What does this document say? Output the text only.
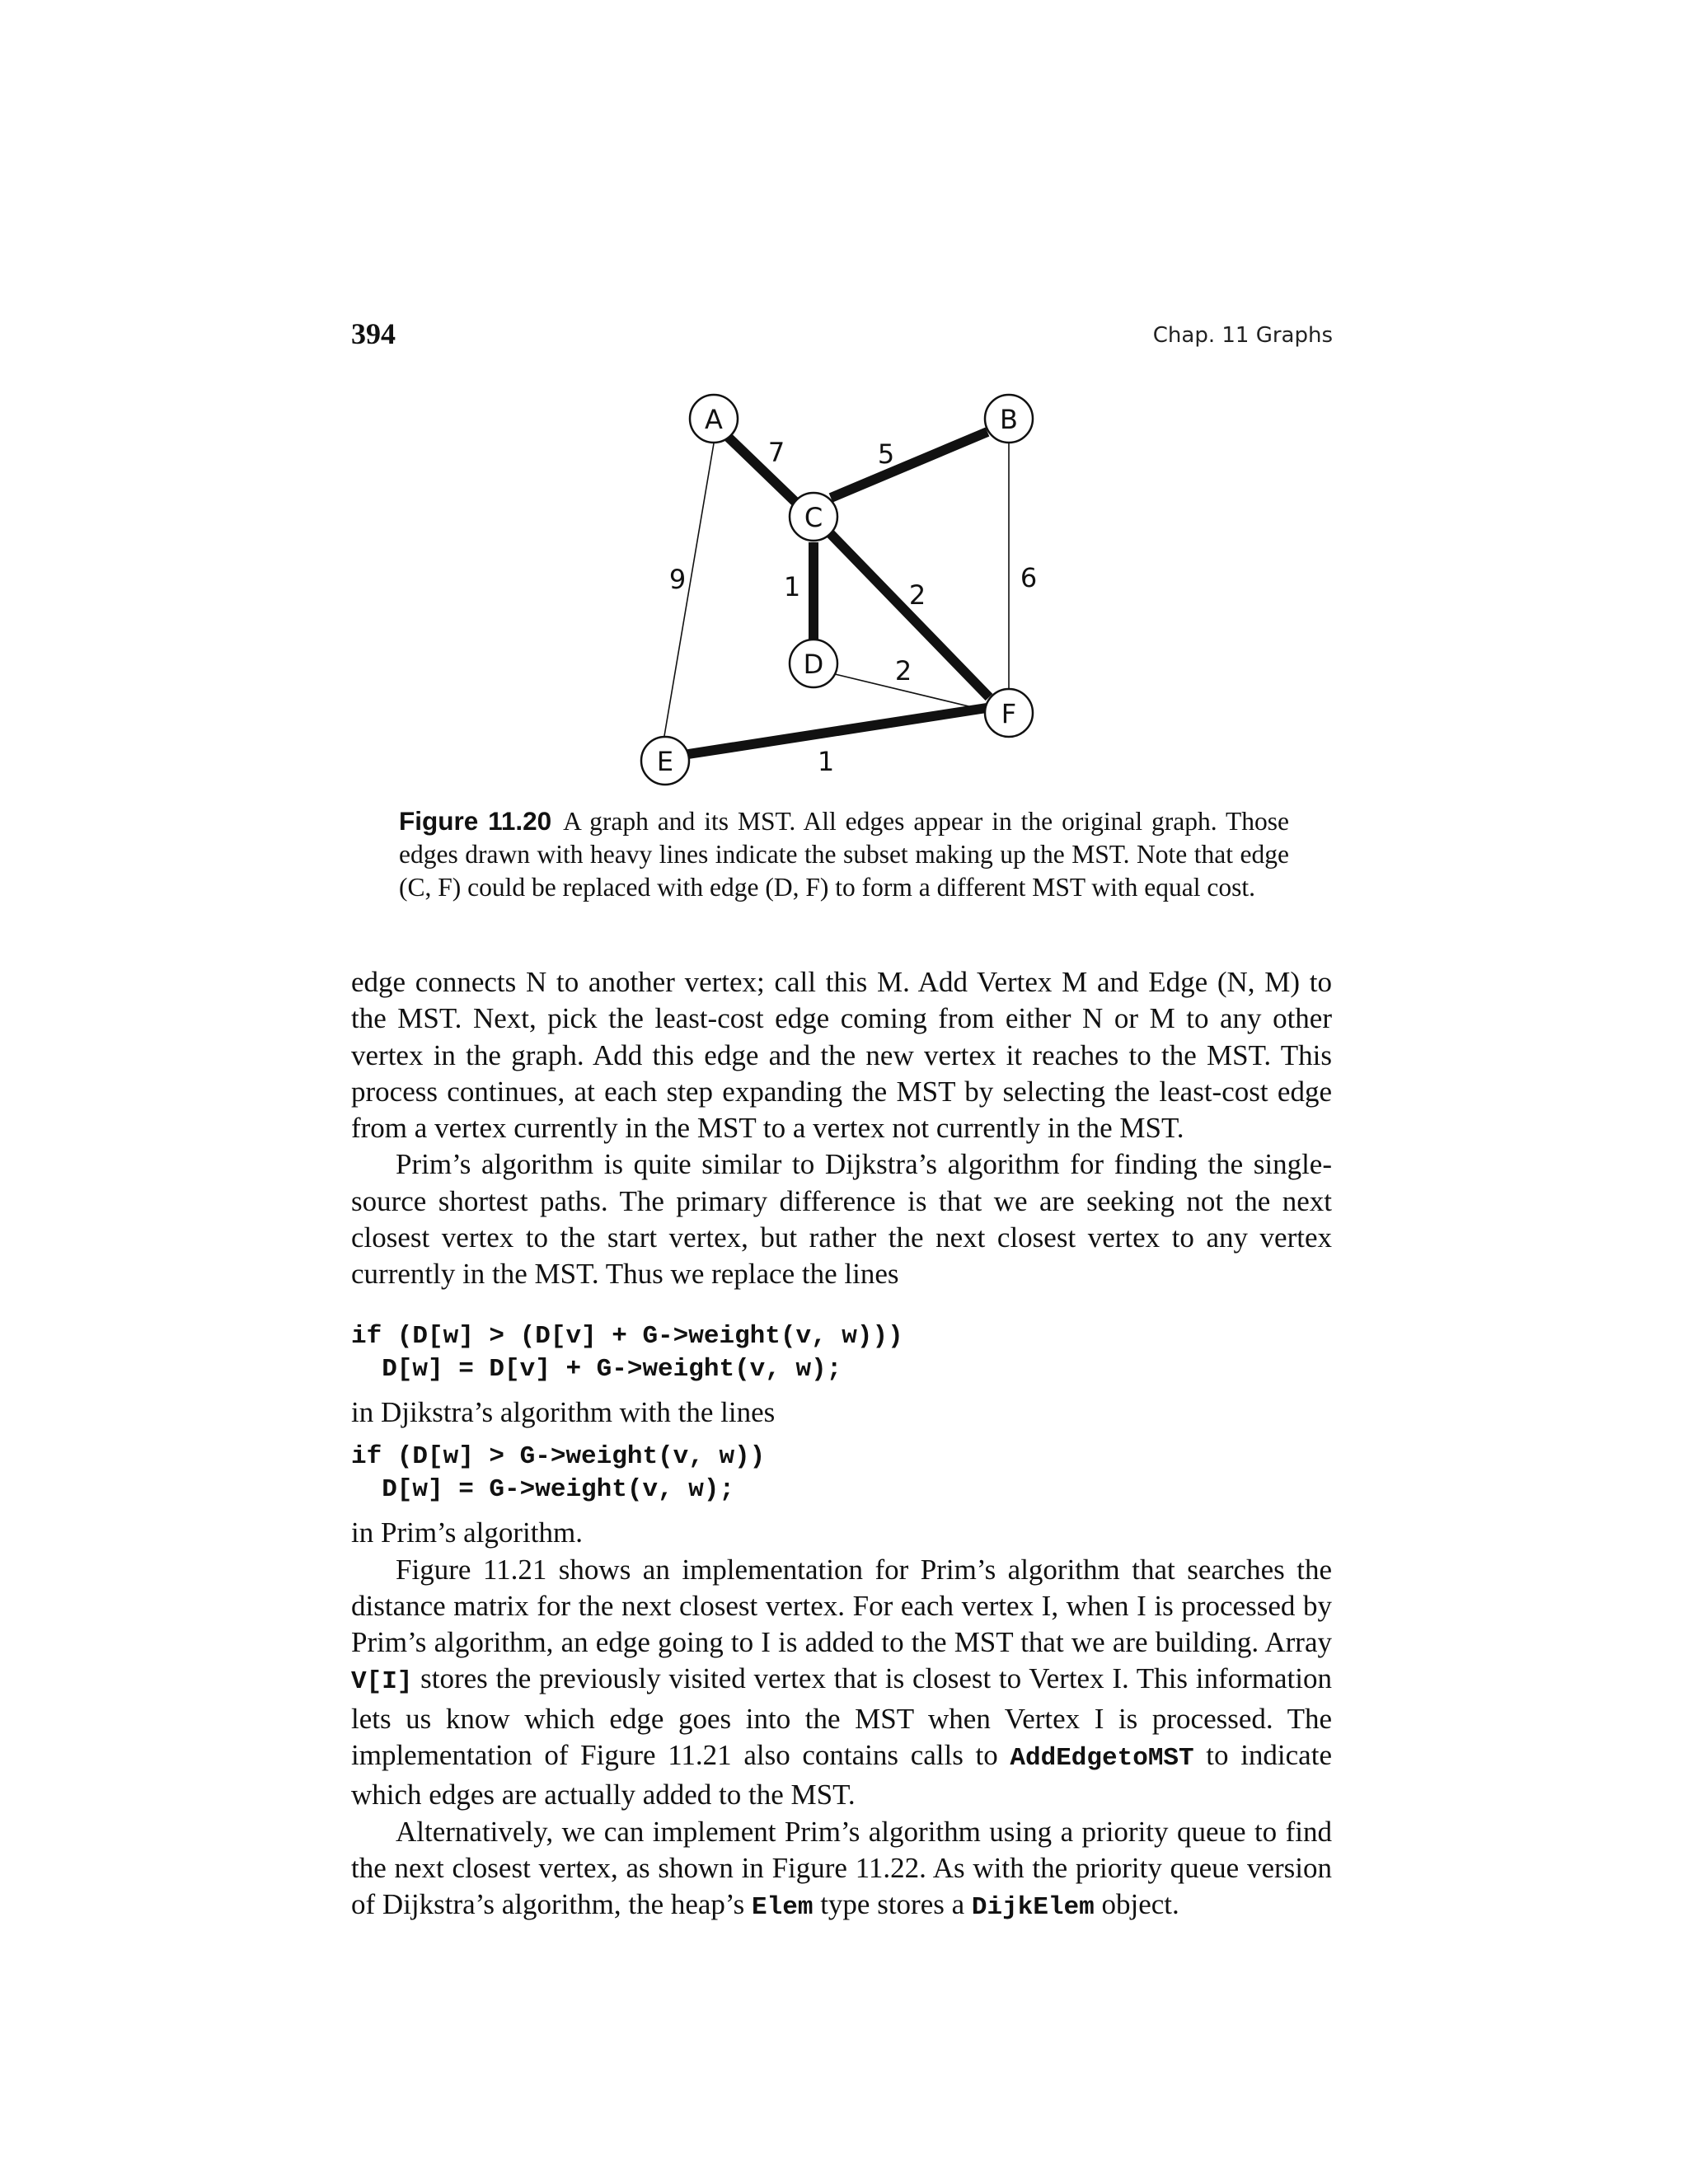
394	Chap. 11 Graphs
A	B
C
D
E
F
7	5
9	1	2
6
2
1
Figure 11.20 A graph and its MST. All edges appear in the original graph. Those edges drawn with heavy lines indicate the subset making up the MST. Note that edge (C, F) could be replaced with edge (D, F) to form a different MST with equal cost.

edge connects N to another vertex; call this M. Add Vertex M and Edge (N, M) to the MST. Next, pick the least-cost edge coming from either N or M to any other vertex in the graph. Add this edge and the new vertex it reaches to the MST. This process continues, at each step expanding the MST by selecting the least-cost edge from a vertex currently in the MST to a vertex not currently in the MST.

Prim’s algorithm is quite similar to Dijkstra’s algorithm for finding the single-source shortest paths. The primary difference is that we are seeking not the next closest vertex to the start vertex, but rather the next closest vertex to any vertex currently in the MST. Thus we replace the lines

if (D[w] > (D[v] + G->weight(v, w)))
D[w] = D[v] + G->weight(v, w);

in Djikstra’s algorithm with the lines

if (D[w] > G->weight(v, w))
D[w] = G->weight(v, w);

in Prim’s algorithm.

Figure 11.21 shows an implementation for Prim’s algorithm that searches the distance matrix for the next closest vertex. For each vertex I, when I is processed by Prim’s algorithm, an edge going to I is added to the MST that we are building. Array V[I] stores the previously visited vertex that is closest to Vertex I. This information lets us know which edge goes into the MST when Vertex I is processed. The implementation of Figure 11.21 also contains calls to AddEdgetoMST to indicate which edges are actually added to the MST.

Alternatively, we can implement Prim’s algorithm using a priority queue to find the next closest vertex, as shown in Figure 11.22. As with the priority queue version of Dijkstra’s algorithm, the heap’s Elem type stores a DijkElem object.
